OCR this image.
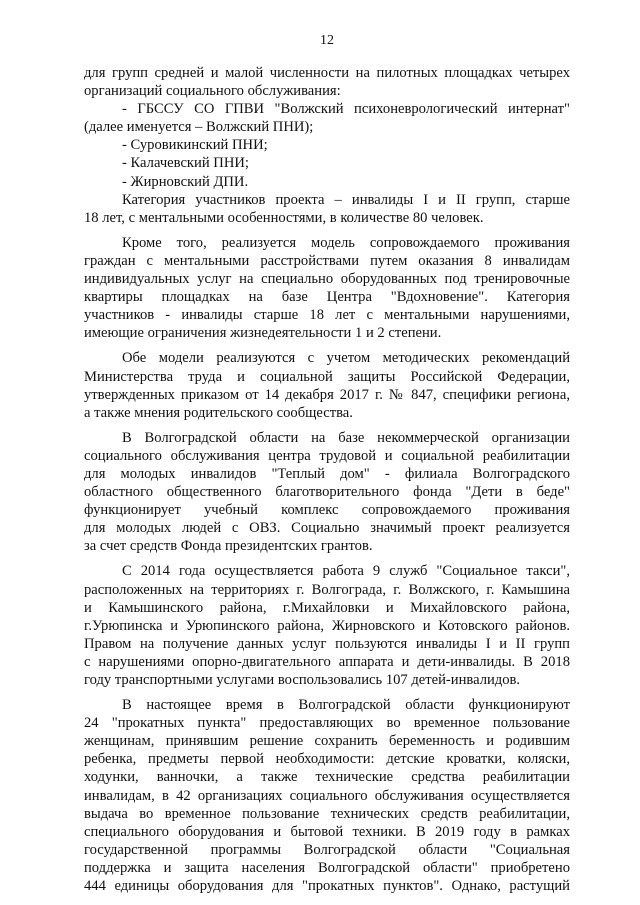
12
для групп средней и малой численности на пилотных площадках четырех
организаций социального обслуживания:
- ГБССУ СО ГПВИ "Волжский психоневрологический интернат"
(далее именуется – Волжский ПНИ);
- Суровикинский ПНИ;
- Калачевский ПНИ;
- Жирновский ДПИ.
Категория участников проекта – инвалиды I и II групп, старше
18 лет, с ментальными особенностями, в количестве 80 человек.
Кроме того, реализуется модель сопровождаемого проживания
граждан с ментальными расстройствами путем оказания 8 инвалидам
индивидуальных услуг на специально оборудованных под тренировочные
квартиры площадках на базе Центра "Вдохновение". Категория
участников - инвалиды старше 18 лет с ментальными нарушениями,
имеющие ограничения жизнедеятельности 1 и 2 степени.
Обе модели реализуются с учетом методических рекомендаций
Министерства труда и социальной защиты Российской Федерации,
утвержденных приказом от 14 декабря 2017 г. № 847, специфики региона,
а также мнения родительского сообщества.
В Волгоградской области на базе некоммерческой организации
социального обслуживания центра трудовой и социальной реабилитации
для молодых инвалидов "Теплый дом" - филиала Волгоградского
областного общественного благотворительного фонда "Дети в беде"
функционирует учебный комплекс сопровождаемого проживания
для молодых людей с ОВЗ. Социально значимый проект реализуется
за счет средств Фонда президентских грантов.
С 2014 года осуществляется работа 9 служб "Социальное такси",
расположенных на территориях г. Волгограда, г. Волжского, г. Камышина
и Камышинского района, г.Михайловки и Михайловского района,
г.Урюпинска и Урюпинского района, Жирновского и Котовского районов.
Правом на получение данных услуг пользуются инвалиды I и II групп
с нарушениями опорно-двигательного аппарата и дети-инвалиды. В 2018
году транспортными услугами воспользовались 107 детей-инвалидов.
В настоящее время в Волгоградской области функционируют
24 "прокатных пункта" предоставляющих во временное пользование
женщинам, принявшим решение сохранить беременность и родившим
ребенка, предметы первой необходимости: детские кроватки, коляски,
ходунки, ванночки, а также технические средства реабилитации
инвалидам, в 42 организациях социального обслуживания осуществляется
выдача во временное пользование технических средств реабилитации,
специального оборудования и бытовой техники. В 2019 году в рамках
государственной программы Волгоградской области "Социальная
поддержка и защита населения Волгоградской области" приобретено
444 единицы оборудования для "прокатных пунктов". Однако, растущий
